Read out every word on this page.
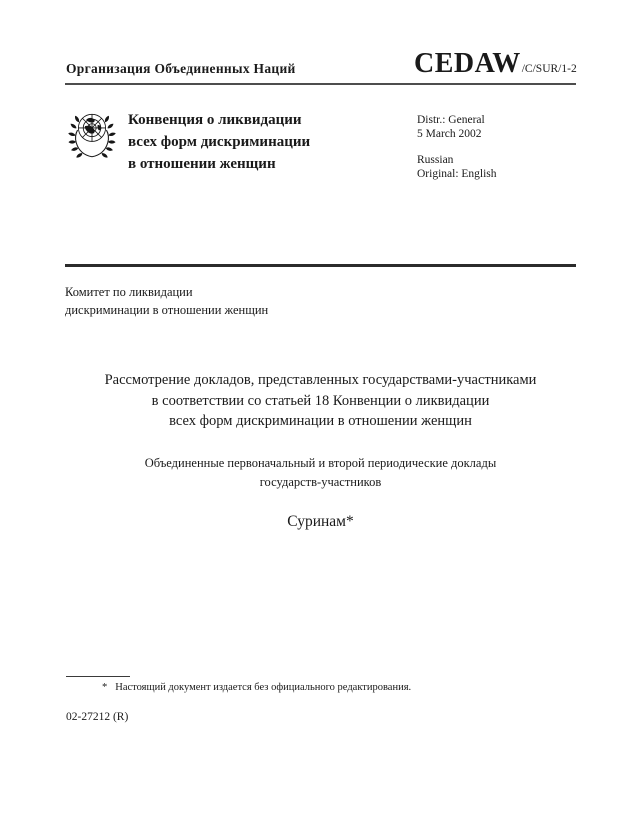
Организация Объединенных Наций	CEDAW /C/SUR/1-2
Конвенция о ликвидации
всех форм дискриминации
в отношении женщин
Distr.: General
5 March 2002
Russian
Original: English
Комитет по ликвидации
дискриминации в отношении женщин
Рассмотрение докладов, представленных государствами-участниками
в соответствии со статьей 18 Конвенции о ликвидации
всех форм дискриминации в отношении женщин
Объединенные первоначальный и второй периодические доклады
государств-участников
Суринам*
* Настоящий документ издается без официального редактирования.
02-27212 (R)
